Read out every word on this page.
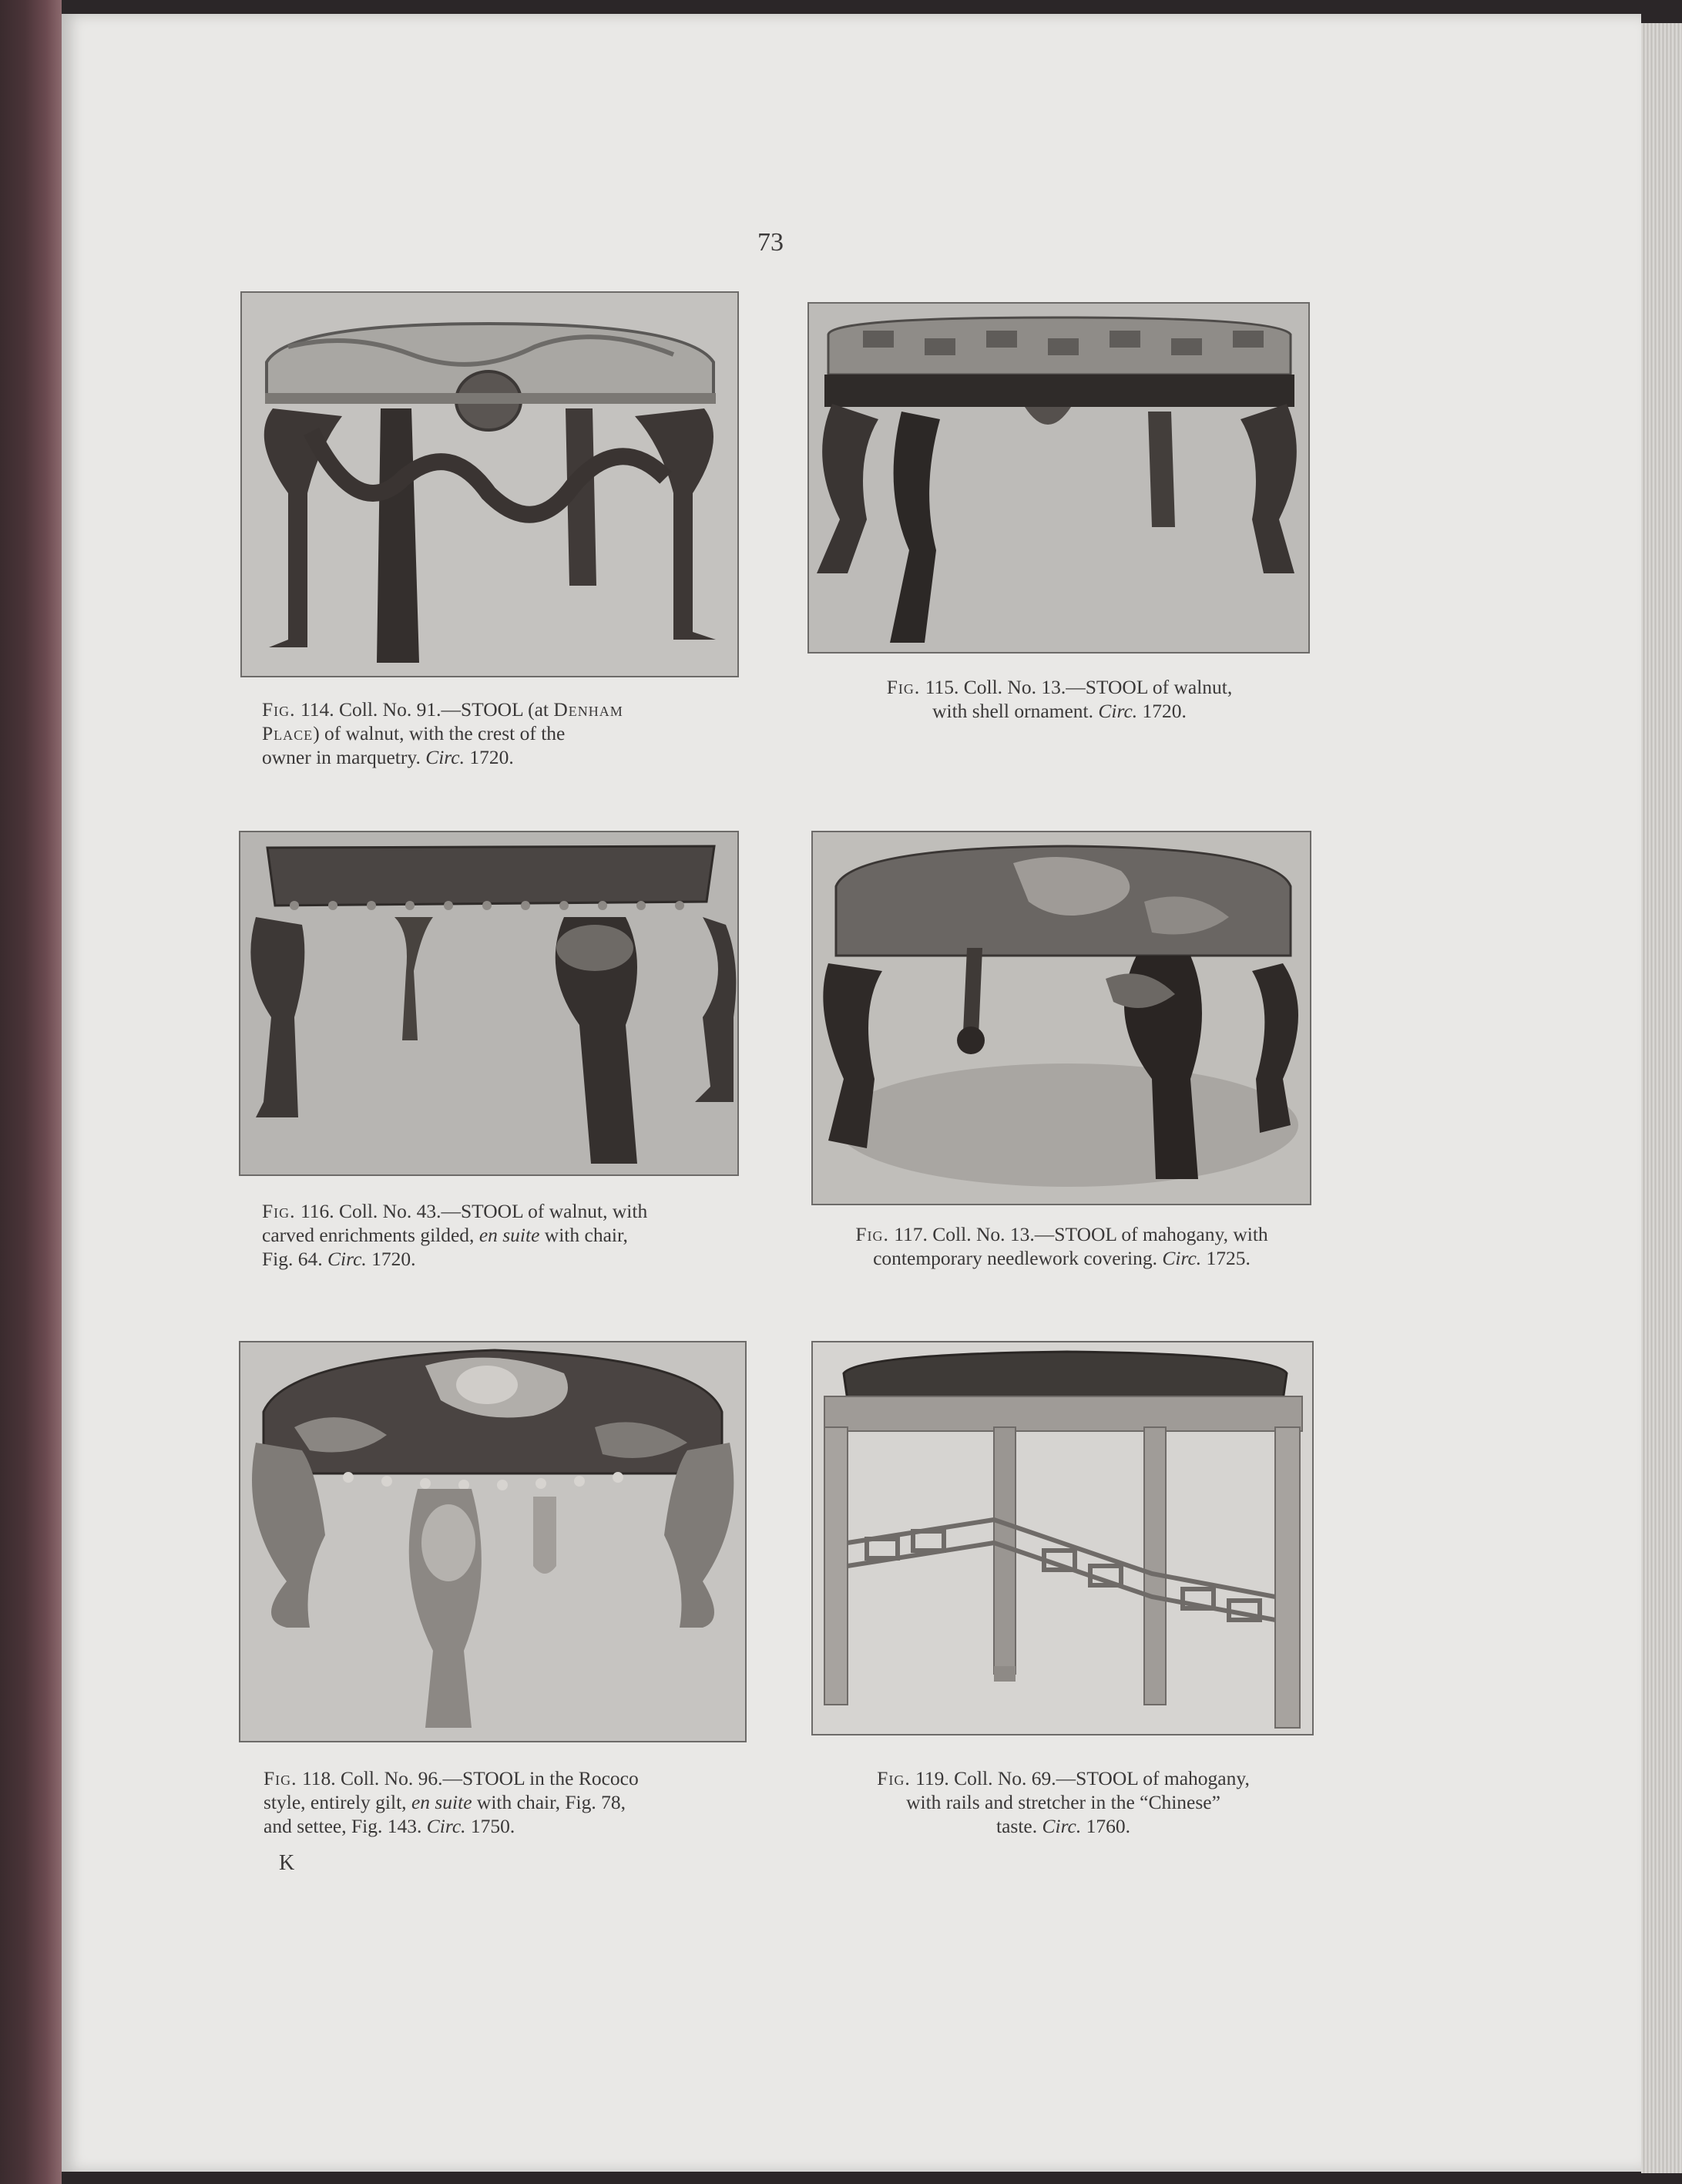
73
Fig. 114. Coll. No. 91.—STOOL (at Denham
Place) of walnut, with the crest of the
owner in marquetry. Circ. 1720.
Fig. 115. Coll. No. 13.—STOOL of walnut,
with shell ornament. Circ. 1720.
Fig. 116. Coll. No. 43.—STOOL of walnut, with
carved enrichments gilded, en suite with chair,
Fig. 64. Circ. 1720.
Fig. 117. Coll. No. 13.—STOOL of mahogany, with
contemporary needlework covering. Circ. 1725.
Fig. 118. Coll. No. 96.—STOOL in the Rococo
style, entirely gilt, en suite with chair, Fig. 78,
and settee, Fig. 143. Circ. 1750.
Fig. 119. Coll. No. 69.—STOOL of mahogany,
with rails and stretcher in the “Chinese”
taste. Circ. 1760.
K
